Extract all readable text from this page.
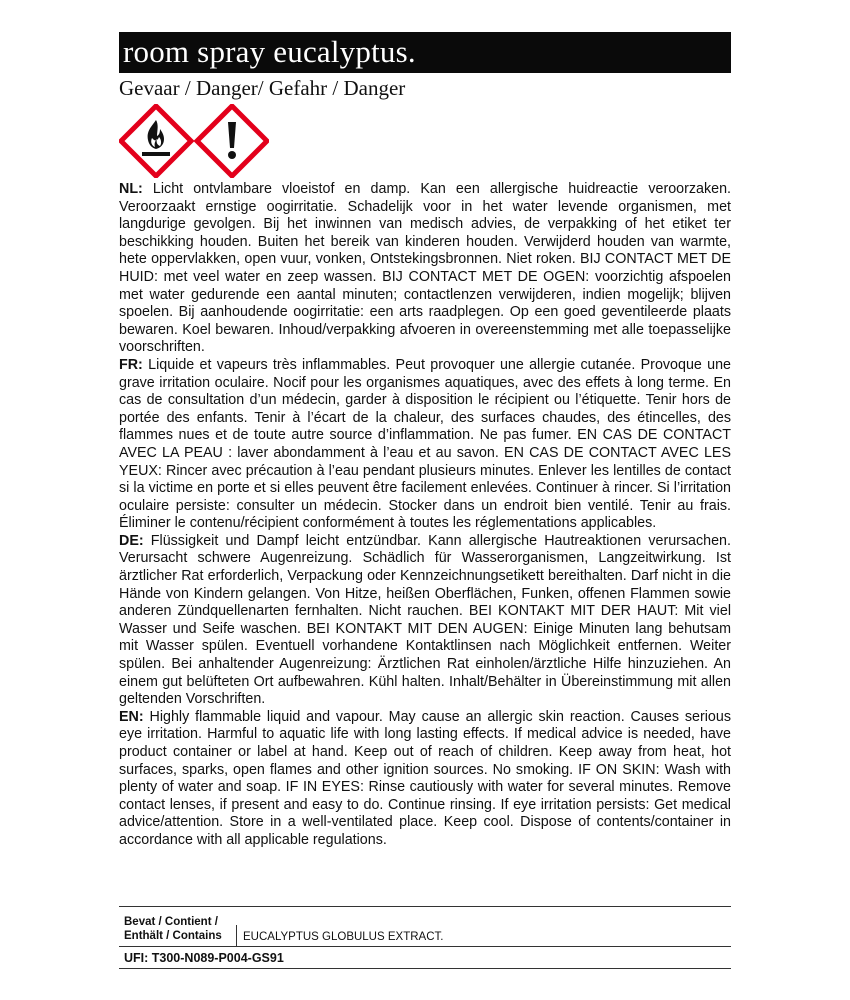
room spray eucalyptus.
Gevaar / Danger/ Gefahr / Danger

NL: Licht ontvlambare vloeistof en damp. Kan een allergische huidreactie veroorzaken. Veroorzaakt ernstige oogirritatie. Schadelijk voor in het water levende organismen, met langdurige gevolgen. Bij het inwinnen van medisch advies, de verpakking of het etiket ter beschikking houden. Buiten het bereik van kinderen houden. Verwijderd houden van warmte, hete oppervlakken, open vuur, vonken, Ontstekingsbronnen. Niet roken. BIJ CONTACT MET DE HUID: met veel water en zeep wassen. BIJ CONTACT MET DE OGEN: voorzichtig afspoelen met water gedurende een aantal minuten; contactlenzen verwijderen, indien mogelijk; blijven spoelen. Bij aanhoudende oogirritatie: een arts raadplegen. Op een goed geventileerde plaats bewaren. Koel bewaren. Inhoud/verpakking afvoeren in overeenstemming met alle toepasselijke voorschriften.

FR: Liquide et vapeurs très inflammables. Peut provoquer une allergie cutanée. Provoque une grave irritation oculaire. Nocif pour les organismes aquatiques, avec des effets à long terme. En cas de consultation d’un médecin, garder à disposition le récipient ou l’étiquette. Tenir hors de portée des enfants. Tenir à l’écart de la chaleur, des surfaces chaudes, des étincelles, des flammes nues et de toute autre source d’inflammation. Ne pas fumer. EN CAS DE CONTACT AVEC LA PEAU : laver abondamment à l’eau et au savon. EN CAS DE CONTACT AVEC LES YEUX: Rincer avec précaution à l’eau pendant plusieurs minutes. Enlever les lentilles de contact si la victime en porte et si elles peuvent être facilement enlevées. Continuer à rincer. Si l’irritation oculaire persiste: consulter un médecin. Stocker dans un endroit bien ventilé. Tenir au frais. Éliminer le contenu/récipient conformément à toutes les réglementations applicables.

DE: Flüssigkeit und Dampf leicht entzündbar. Kann allergische Hautreaktionen verursachen. Verursacht schwere Augenreizung. Schädlich für Wasserorganismen, Langzeitwirkung. Ist ärztlicher Rat erforderlich, Verpackung oder Kennzeichnungsetikett bereithalten. Darf nicht in die Hände von Kindern gelangen. Von Hitze, heißen Oberflächen, Funken, offenen Flammen sowie anderen Zündquellenarten fernhalten. Nicht rauchen. BEI KONTAKT MIT DER HAUT: Mit viel Wasser und Seife waschen. BEI KONTAKT MIT DEN AUGEN: Einige Minuten lang behutsam mit Wasser spülen. Eventuell vorhandene Kontaktlinsen nach Möglichkeit entfernen. Weiter spülen. Bei anhaltender Augenreizung: Ärztlichen Rat einholen/ärztliche Hilfe hinzuziehen. An einem gut belüfteten Ort aufbewahren. Kühl halten. Inhalt/Behälter in Übereinstimmung mit allen geltenden Vorschriften.

EN: Highly flammable liquid and vapour. May cause an allergic skin reaction. Causes serious eye irritation. Harmful to aquatic life with long lasting effects. If medical advice is needed, have product container or label at hand. Keep out of reach of children. Keep away from heat, hot surfaces, sparks, open flames and other ignition sources. No smoking. IF ON SKIN: Wash with plenty of water and soap. IF IN EYES: Rinse cautiously with water for several minutes. Remove contact lenses, if present and easy to do. Continue rinsing. If eye irritation persists: Get medical advice/attention. Store in a well-ventilated place. Keep cool. Dispose of contents/container in accordance with all applicable regulations.

Bevat / Contient /
Enthält / Contains EUCALYPTUS GLOBULUS EXTRACT.
UFI: T300-N089-P004-GS91
